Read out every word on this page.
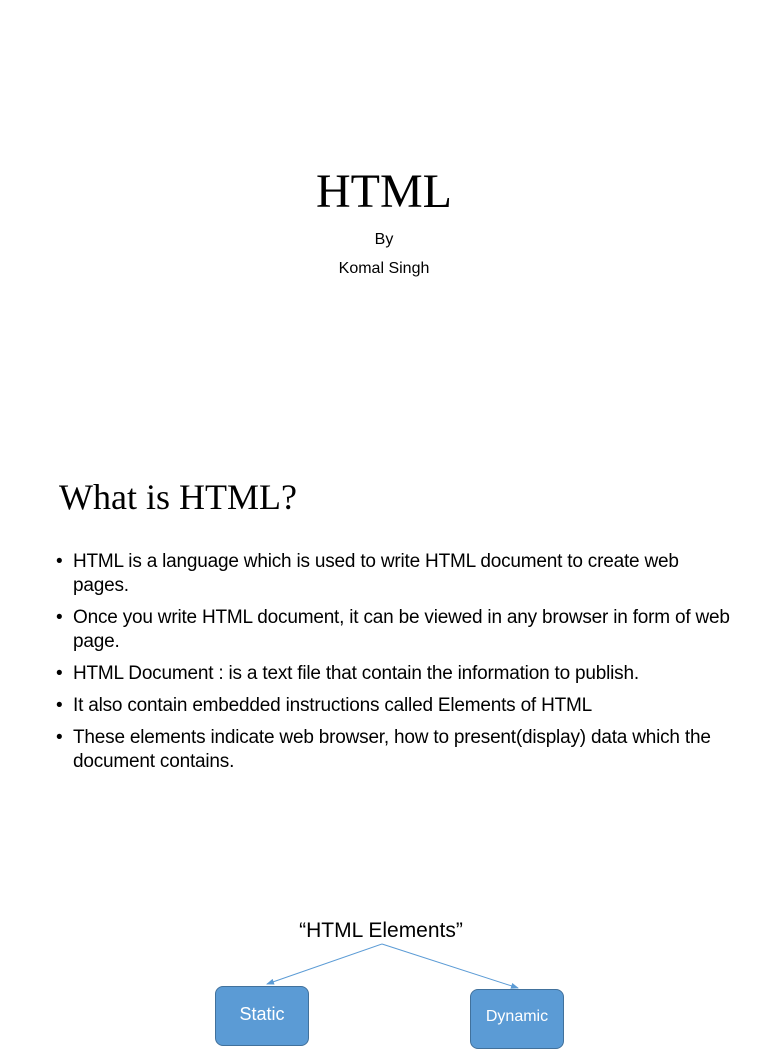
HTML
By
Komal Singh
What is HTML?
• HTML is a language which is used to write HTML document to create web pages.
• Once you write HTML document, it can be viewed in any browser in form of web page.
• HTML Document : is a text file that contain the information to publish.
• It also contain embedded instructions called Elements of HTML
• These elements indicate web browser, how to present(display) data which the document contains.
“HTML Elements”
Static	Dynamic
